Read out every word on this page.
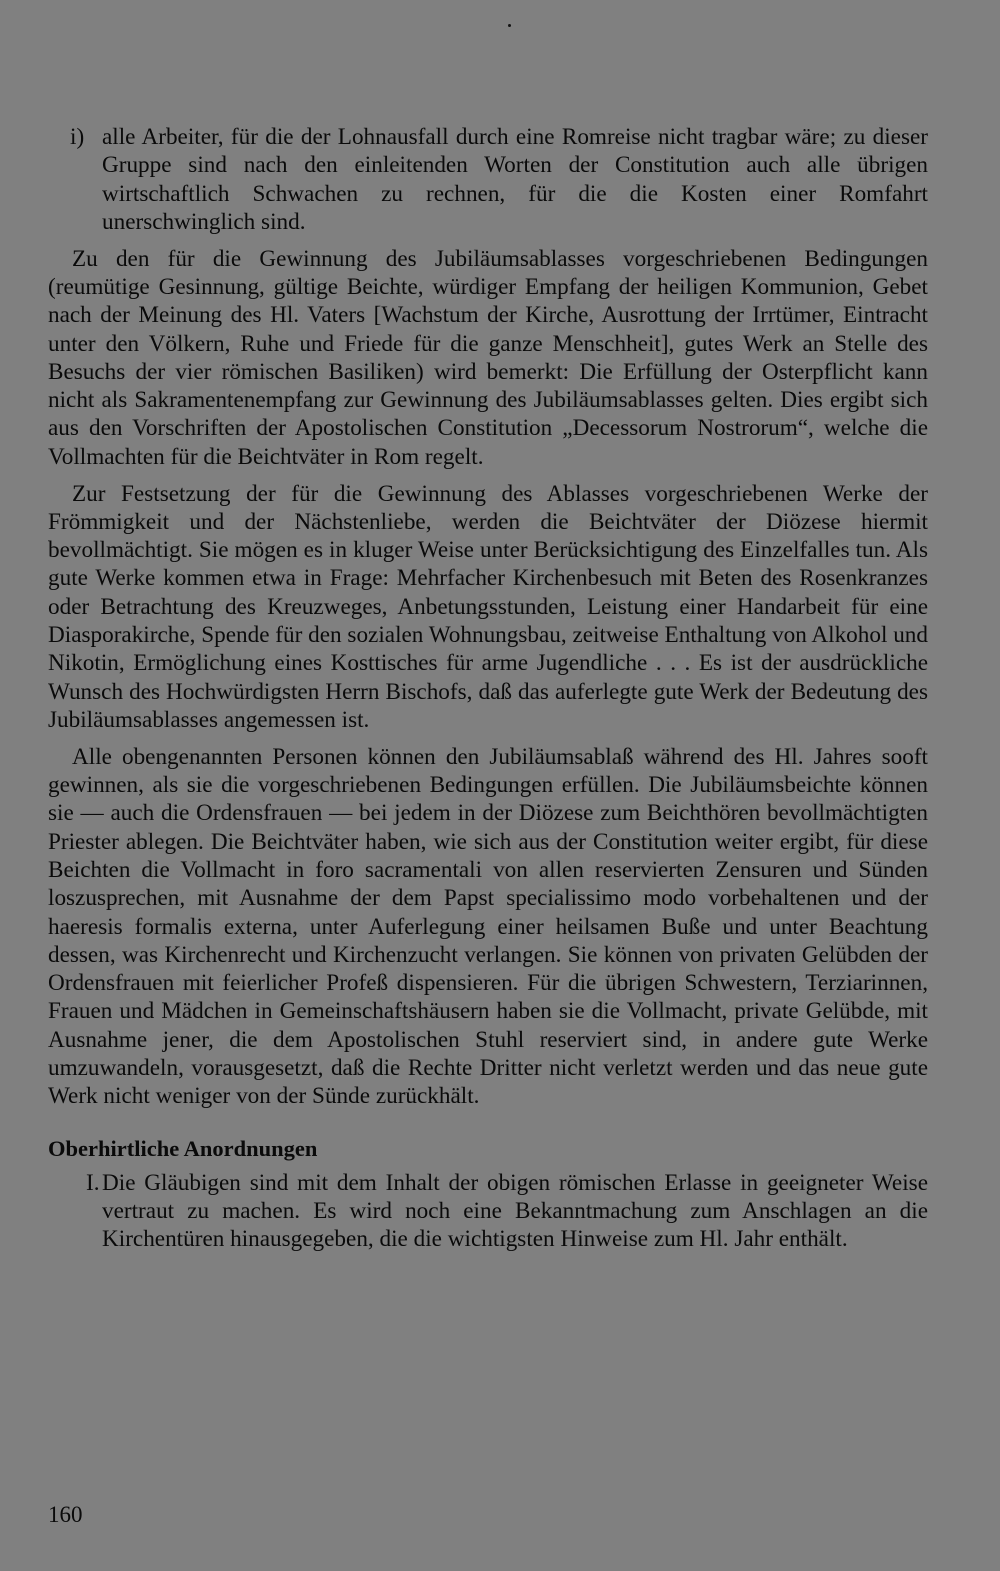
i) alle Arbeiter, für die der Lohnausfall durch eine Romreise nicht tragbar wäre; zu dieser Gruppe sind nach den einleitenden Worten der Constitution auch alle übrigen wirtschaftlich Schwachen zu rechnen, für die die Kosten einer Romfahrt unerschwinglich sind.

Zu den für die Gewinnung des Jubiläumsablasses vorgeschriebenen Bedingungen (reumütige Gesinnung, gültige Beichte, würdiger Empfang der heiligen Kommunion, Gebet nach der Meinung des Hl. Vaters [Wachstum der Kirche, Ausrottung der Irrtümer, Eintracht unter den Völkern, Ruhe und Friede für die ganze Menschheit], gutes Werk an Stelle des Besuchs der vier römischen Basiliken) wird bemerkt: Die Erfüllung der Osterpflicht kann nicht als Sakramentenempfang zur Gewinnung des Jubiläumsablasses gelten. Dies ergibt sich aus den Vorschriften der Apostolischen Constitution „Decessorum Nostrorum“, welche die Vollmachten für die Beichtväter in Rom regelt.

Zur Festsetzung der für die Gewinnung des Ablasses vorgeschriebenen Werke der Frömmigkeit und der Nächstenliebe, werden die Beichtväter der Diözese hiermit bevollmächtigt. Sie mögen es in kluger Weise unter Berücksichtigung des Einzelfalles tun. Als gute Werke kommen etwa in Frage: Mehrfacher Kirchenbesuch mit Beten des Rosenkranzes oder Betrachtung des Kreuzweges, Anbetungsstunden, Leistung einer Handarbeit für eine Diasporakirche, Spende für den sozialen Wohnungsbau, zeitweise Enthaltung von Alkohol und Nikotin, Ermöglichung eines Kosttisches für arme Jugendliche . . . Es ist der ausdrückliche Wunsch des Hochwürdigsten Herrn Bischofs, daß das auferlegte gute Werk der Bedeutung des Jubiläumsablasses angemessen ist.

Alle obengenannten Personen können den Jubiläumsablaß während des Hl. Jahres sooft gewinnen, als sie die vorgeschriebenen Bedingungen erfüllen. Die Jubiläumsbeichte können sie — auch die Ordensfrauen — bei jedem in der Diözese zum Beichthören bevollmächtigten Priester ablegen. Die Beichtväter haben, wie sich aus der Constitution weiter ergibt, für diese Beichten die Vollmacht in foro sacramentali von allen reservierten Zensuren und Sünden loszusprechen, mit Ausnahme der dem Papst specialissimo modo vorbehaltenen und der haeresis formalis externa, unter Auferlegung einer heilsamen Buße und unter Beachtung dessen, was Kirchenrecht und Kirchenzucht verlangen. Sie können von privaten Gelübden der Ordensfrauen mit feierlicher Profeß dispensieren. Für die übrigen Schwestern, Terziarinnen, Frauen und Mädchen in Gemeinschaftshäusern haben sie die Vollmacht, private Gelübde, mit Ausnahme jener, die dem Apostolischen Stuhl reserviert sind, in andere gute Werke umzuwandeln, vorausgesetzt, daß die Rechte Dritter nicht verletzt werden und das neue gute Werk nicht weniger von der Sünde zurückhält.

Oberhirtliche Anordnungen
I. Die Gläubigen sind mit dem Inhalt der obigen römischen Erlasse in geeigneter Weise vertraut zu machen. Es wird noch eine Bekanntmachung zum Anschlagen an die Kirchentüren hinausgegeben, die die wichtigsten Hinweise zum Hl. Jahr enthält.
160
